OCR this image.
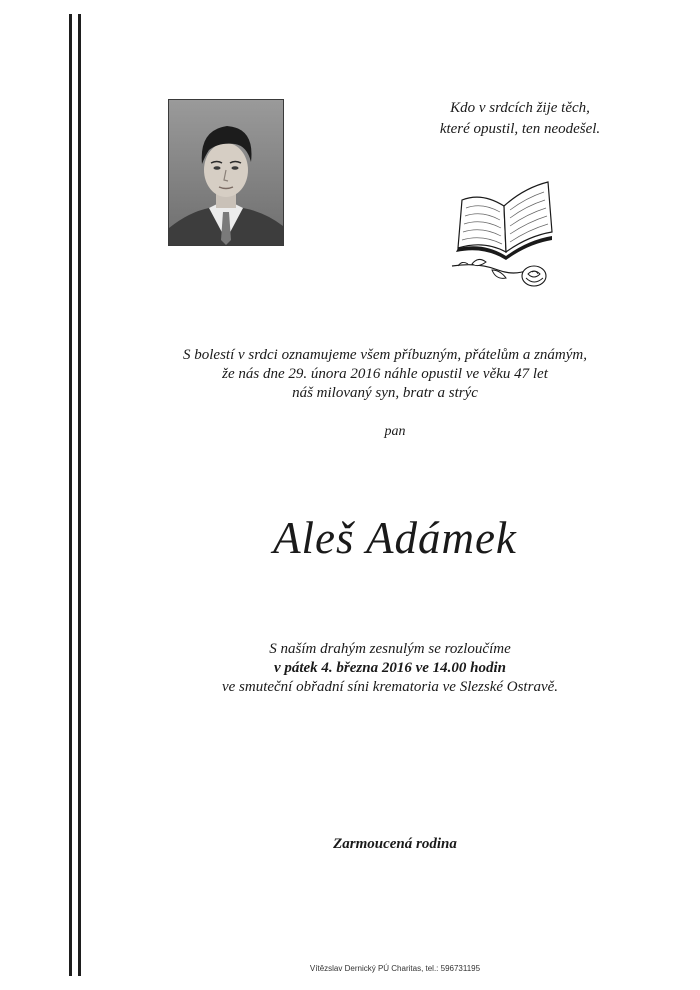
Kdo v srdcích žije těch,
které opustil, ten neodešel.
S bolestí v srdci oznamujeme všem příbuzným, přátelům a známým,
že nás dne 29. února 2016 náhle opustil ve věku 47 let
náš milovaný syn, bratr a strýc
pan
Aleš Adámek
S naším drahým zesnulým se rozloučíme
v pátek 4. března 2016 ve 14.00 hodin
ve smuteční obřadní síni krematoria ve Slezské Ostravě.
Zarmoucená rodina
Vítězslav Dernický PÚ Charitas, tel.: 596731195
